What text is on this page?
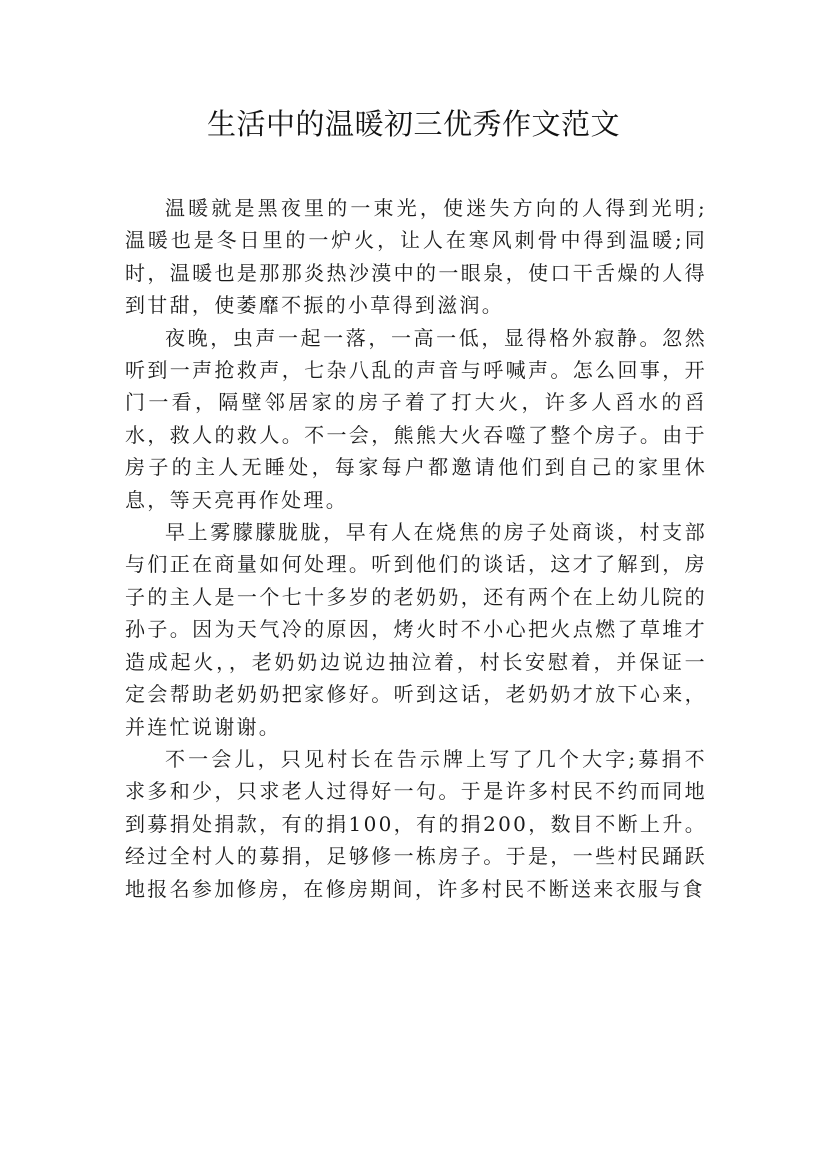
生活中的温暖初三优秀作文范文

温暖就是黑夜里的一束光，使迷失方向的人得到光明;温暖也是冬日里的一炉火，让人在寒风刺骨中得到温暖;同时，温暖也是那那炎热沙漠中的一眼泉，使口干舌燥的人得到甘甜，使萎靡不振的小草得到滋润。

夜晚，虫声一起一落，一高一低，显得格外寂静。忽然听到一声抢救声，七杂八乱的声音与呼喊声。怎么回事，开门一看，隔壁邻居家的房子着了打大火，许多人舀水的舀水，救人的救人。不一会，熊熊大火吞噬了整个房子。由于房子的主人无睡处，每家每户都邀请他们到自己的家里休息，等天亮再作处理。

早上雾朦朦胧胧，早有人在烧焦的房子处商谈，村支部与们正在商量如何处理。听到他们的谈话，这才了解到，房子的主人是一个七十多岁的老奶奶，还有两个在上幼儿院的孙子。因为天气冷的原因，烤火时不小心把火点燃了草堆才造成起火，，老奶奶边说边抽泣着，村长安慰着，并保证一定会帮助老奶奶把家修好。听到这话，老奶奶才放下心来，并连忙说谢谢。

不一会儿，只见村长在告示牌上写了几个大字;募捐不求多和少，只求老人过得好一句。于是许多村民不约而同地到募捐处捐款，有的捐100，有的捐200，数目不断上升。经过全村人的募捐，足够修一栋房子。于是，一些村民踊跃地报名参加修房，在修房期间，许多村民不断送来衣服与食
